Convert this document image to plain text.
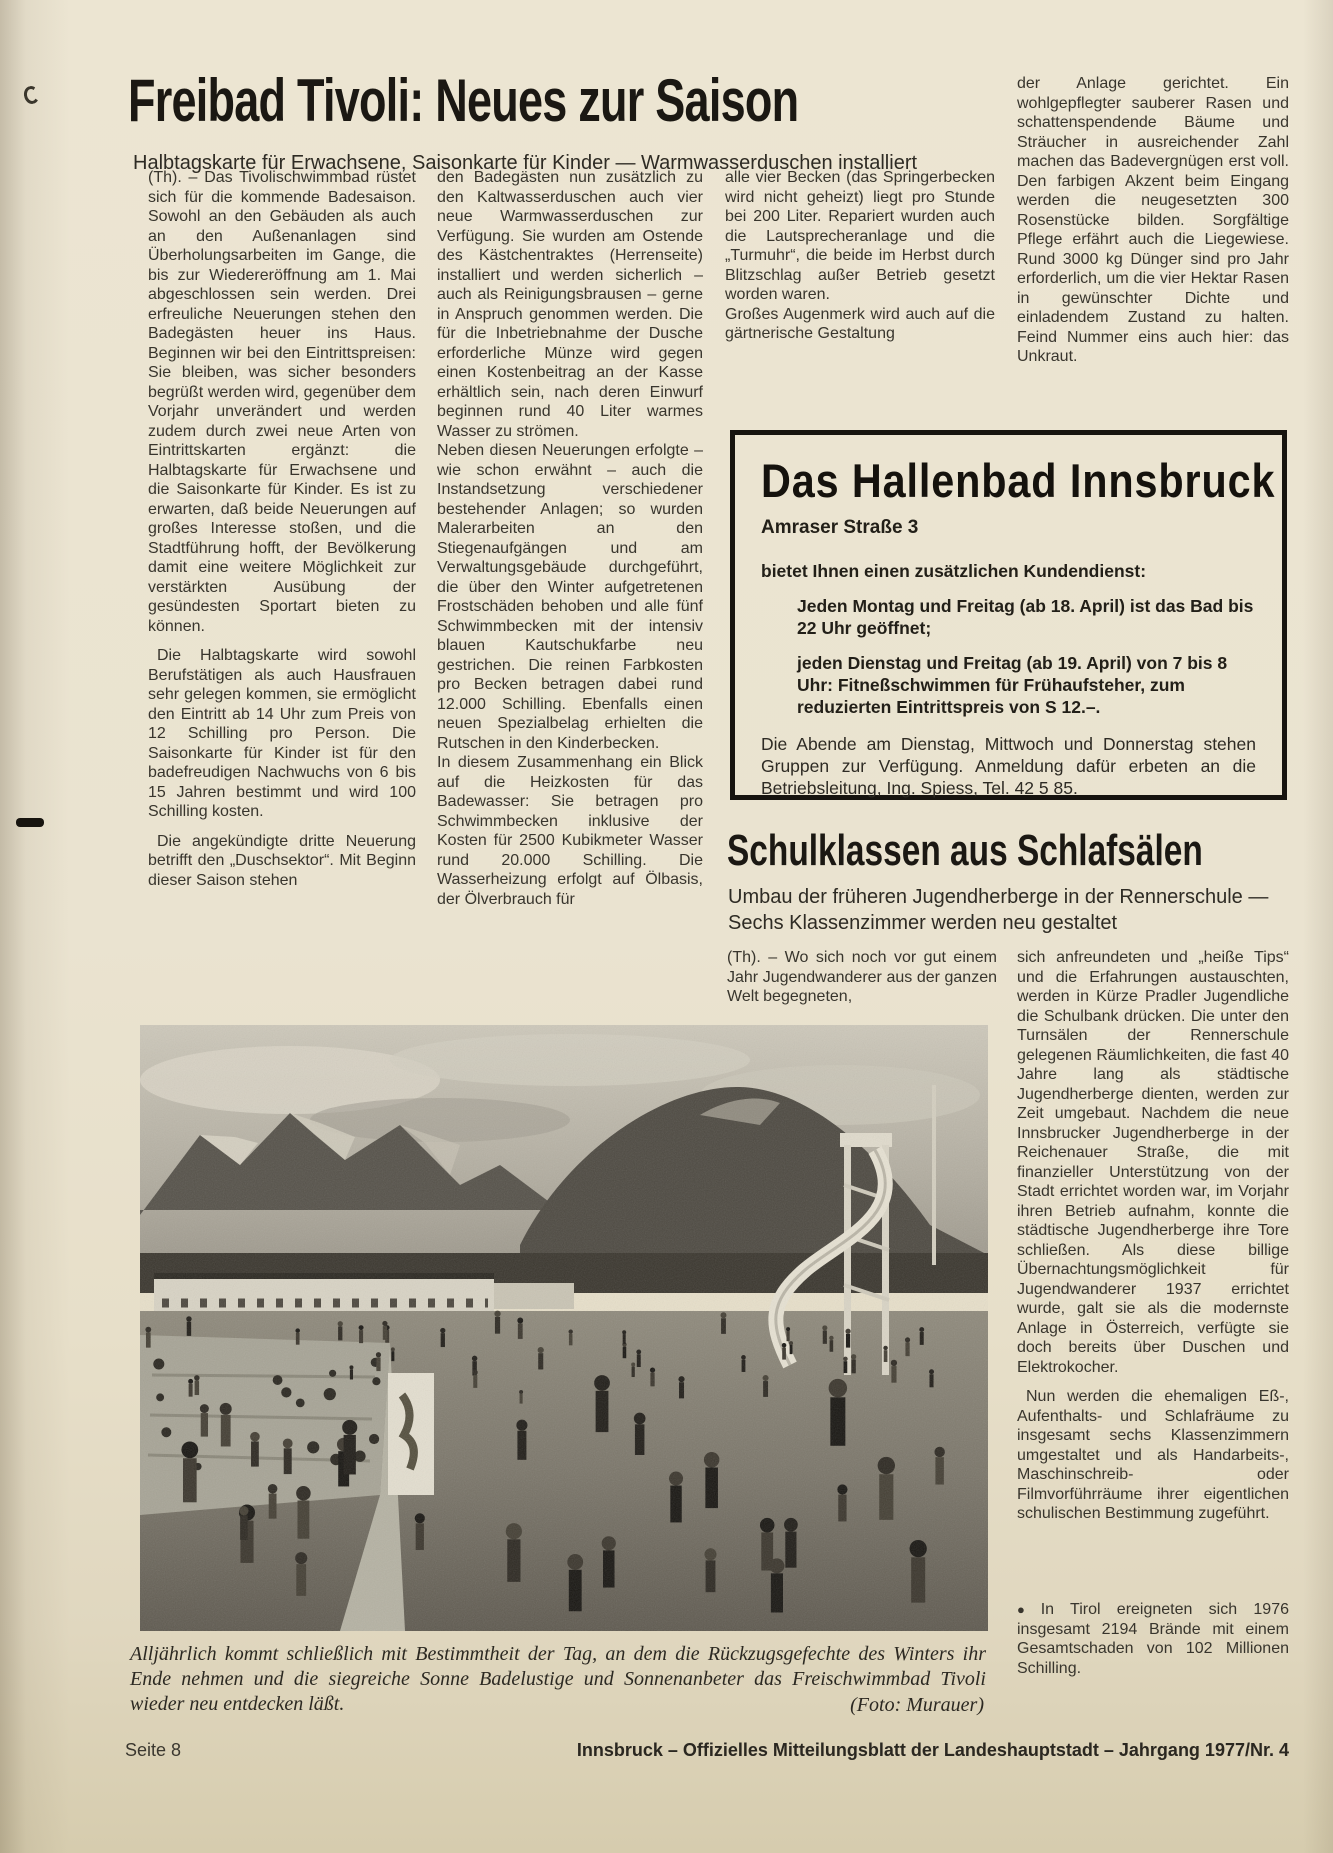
Freibad Tivoli: Neues zur Saison
Halbtagskarte für Erwachsene, Saisonkarte für Kinder — Warmwasserduschen installiert

(Th). – Das Tivolischwimmbad rüstet sich für die kommende Badesaison. Sowohl an den Gebäuden als auch an den Außenanlagen sind Überholungsarbeiten im Gange, die bis zur Wiedereröffnung am 1. Mai abgeschlossen sein werden. Drei erfreuliche Neuerungen stehen den Badegästen heuer ins Haus. Beginnen wir bei den Eintrittspreisen: Sie bleiben, was sicher besonders begrüßt werden wird, gegenüber dem Vorjahr unverändert und werden zudem durch zwei neue Arten von Eintrittskarten ergänzt: die Halbtagskarte für Erwachsene und die Saisonkarte für Kinder. Es ist zu erwarten, daß beide Neuerungen auf großes Interesse stoßen, und die Stadtführung hofft, der Bevölkerung damit eine weitere Möglichkeit zur verstärkten Ausübung der gesündesten Sportart bieten zu können.

Die Halbtagskarte wird sowohl Berufstätigen als auch Hausfrauen sehr gelegen kommen, sie ermöglicht den Eintritt ab 14 Uhr zum Preis von 12 Schilling pro Person. Die Saisonkarte für Kinder ist für den badefreudigen Nachwuchs von 6 bis 15 Jahren bestimmt und wird 100 Schilling kosten.

Die angekündigte dritte Neuerung betrifft den „Duschsektor“. Mit Beginn dieser Saison stehen

den Badegästen nun zusätzlich zu den Kaltwasserduschen auch vier neue Warmwasserduschen zur Verfügung. Sie wurden am Ostende des Kästchentraktes (Herrenseite) installiert und werden sicherlich – auch als Reinigungsbrausen – gerne in Anspruch genommen werden. Die für die Inbetriebnahme der Dusche erforderliche Münze wird gegen einen Kostenbeitrag an der Kasse erhältlich sein, nach deren Einwurf beginnen rund 40 Liter warmes Wasser zu strömen.

Neben diesen Neuerungen erfolgte – wie schon erwähnt – auch die Instandsetzung verschiedener bestehender Anlagen; so wurden Malerarbeiten an den Stiegenaufgängen und am Verwaltungsgebäude durchgeführt, die über den Winter aufgetretenen Frostschäden behoben und alle fünf Schwimmbecken mit der intensiv blauen Kautschukfarbe neu gestrichen. Die reinen Farbkosten pro Becken betragen dabei rund 12.000 Schilling. Ebenfalls einen neuen Spezialbelag erhielten die Rutschen in den Kinderbecken.

In diesem Zusammenhang ein Blick auf die Heizkosten für das Badewasser: Sie betragen pro Schwimmbecken inklusive der Kosten für 2500 Kubikmeter Wasser rund 20.000 Schilling. Die Wasserheizung erfolgt auf Ölbasis, der Ölverbrauch für

alle vier Becken (das Springerbecken wird nicht geheizt) liegt pro Stunde bei 200 Liter. Repariert wurden auch die Lautsprecheranlage und die „Turmuhr“, die beide im Herbst durch Blitzschlag außer Betrieb gesetzt worden waren.

Großes Augenmerk wird auch auf die gärtnerische Gestaltung

der Anlage gerichtet. Ein wohlgepflegter sauberer Rasen und schattenspendende Bäume und Sträucher in ausreichender Zahl machen das Badevergnügen erst voll. Den farbigen Akzent beim Eingang werden die neugesetzten 300 Rosenstücke bilden. Sorgfältige Pflege erfährt auch die Liegewiese. Rund 3000 kg Dünger sind pro Jahr erforderlich, um die vier Hektar Rasen in gewünschter Dichte und einladendem Zustand zu halten. Feind Nummer eins auch hier: das Unkraut.

Das Hallenbad Innsbruck
Amraser Straße 3
bietet Ihnen einen zusätzlichen Kundendienst:
Jeden Montag und Freitag (ab 18. April) ist das Bad bis 22 Uhr geöffnet;
jeden Dienstag und Freitag (ab 19. April) von 7 bis 8 Uhr: Fitneßschwimmen für Frühaufsteher, zum reduzierten Eintrittspreis von S 12.–.
Die Abende am Dienstag, Mittwoch und Donnerstag stehen Gruppen zur Verfügung. Anmeldung dafür erbeten an die Betriebsleitung, Ing. Spiess, Tel. 42 5 85.
Schulklassen aus Schlafsälen
Umbau der früheren Jugendherberge in der Rennerschule — Sechs Klassenzimmer werden neu gestaltet

(Th). – Wo sich noch vor gut einem Jahr Jugendwanderer aus der ganzen Welt begegneten,

sich anfreundeten und „heiße Tips“ und die Erfahrungen austauschten, werden in Kürze Pradler Jugendliche die Schulbank drücken. Die unter den Turnsälen der Rennerschule gelegenen Räumlichkeiten, die fast 40 Jahre lang als städtische Jugendherberge dienten, werden zur Zeit umgebaut. Nachdem die neue Innsbrucker Jugendherberge in der Reichenauer Straße, die mit finanzieller Unterstützung von der Stadt errichtet worden war, im Vorjahr ihren Betrieb aufnahm, konnte die städtische Jugendherberge ihre Tore schließen. Als diese billige Übernachtungsmöglichkeit für Jugendwanderer 1937 errichtet wurde, galt sie als die modernste Anlage in Österreich, verfügte sie doch bereits über Duschen und Elektrokocher.

Nun werden die ehemaligen Eß-, Aufenthalts- und Schlafräume zu insgesamt sechs Klassenzimmern umgestaltet und als Handarbeits-, Maschinschreib- oder Filmvorführräume ihrer eigentlichen schulischen Bestimmung zugeführt.

● In Tirol ereigneten sich 1976 insgesamt 2194 Brände mit einem Gesamtschaden von 102 Millionen Schilling.
Alljährlich kommt schließlich mit Bestimmtheit der Tag, an dem die Rückzugsgefechte des Winters ihr Ende nehmen und die siegreiche Sonne Badelustige und Sonnenanbeter das Freischwimmbad Tivoli wieder neu entdecken läßt.	(Foto: Murauer)
Seite 8	Innsbruck – Offizielles Mitteilungsblatt der Landeshauptstadt – Jahrgang 1977/Nr. 4
